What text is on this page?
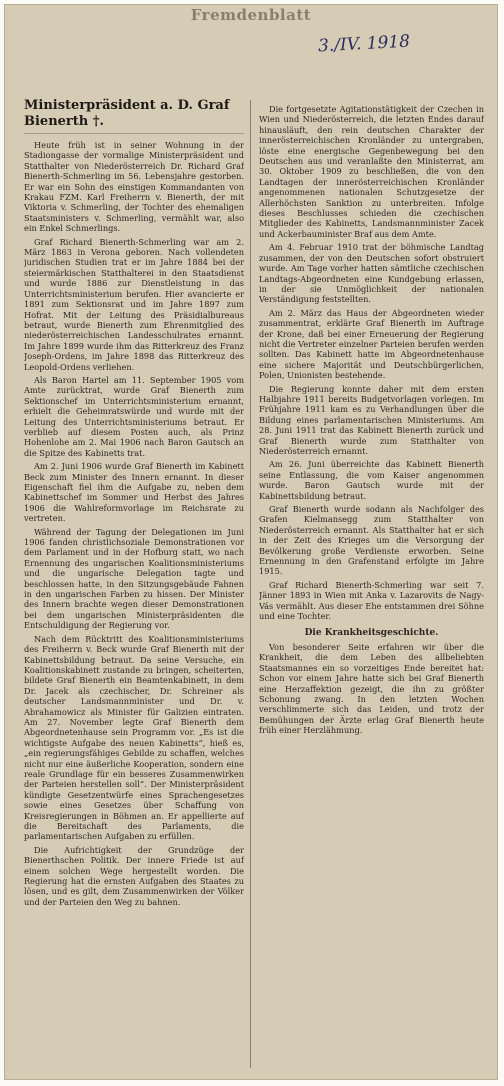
Fremdenblatt
3./IV. 1918
Ministerpräsident a. D. Graf Bienerth †.

Heute früh ist in seiner Wohnung in der Stadiongasse der vormalige Ministerpräsident und Statthalter von Niederösterreich Dr. Richard Graf Bienerth-Schmerling im 56. Lebensjahre gestorben. Er war ein Sohn des einstigen Kommandanten von Krakau FZM. Karl Freiherrn v. Bienerth, der mit Viktoria v. Schmerling, der Tochter des ehemaligen Staatsministers v. Schmerling, vermählt war, also ein Enkel Schmerlings.

Graf Richard Bienerth-Schmerling war am 2. März 1863 in Verona geboren. Nach vollendeten juridischen Studien trat er im Jahre 1884 bei der steiermärkischen Statthalterei in den Staatsdienst und wurde 1886 zur Dienstleistung in das Unterrichtsministerium berufen. Hier avancierte er 1891 zum Sektionsrat und im Jahre 1897 zum Hofrat. Mit der Leitung des Präsidialbureaus betraut, wurde Bienerth zum Ehrenmitglied des niederösterreichischen Landesschulrates ernannt. Im Jahre 1899 wurde ihm das Ritterkreuz des Franz Joseph-Ordens, im Jahre 1898 das Ritterkreuz des Leopold-Ordens verliehen.

Als Baron Hartel am 11. September 1905 vom Amte zurücktrat, wurde Graf Bienerth zum Sektionschef im Unterrichtsministerium ernannt, erhielt die Geheimratswürde und wurde mit der Leitung des Unterrichtsministeriums betraut. Er verblieb auf diesem Posten auch, als Prinz Hohenlohe am 2. Mai 1906 nach Baron Gautsch an die Spitze des Kabinetts trat.

Am 2. Juni 1906 wurde Graf Bienerth im Kabinett Beck zum Minister des Innern ernannt. In dieser Eigenschaft fiel ihm die Aufgabe zu, neben dem Kabinettschef im Sommer und Herbst des Jahres 1906 die Wahlreformvorlage im Reichsrate zu vertreten.

Während der Tagung der Delegationen im Juni 1906 fanden christlichsoziale Demonstrationen vor dem Parlament und in der Hofburg statt, wo nach Ernennung des ungarischen Koalitionsministeriums und die ungarische Delegation tagte und beschlossen hatte, in den Sitzungsgebäude Fahnen in den ungarischen Farben zu hissen. Der Minister des Innern brachte wegen dieser Demonstrationen bei dem ungarischen Ministerpräsidenten die Entschuldigung der Regierung vor.

Nach dem Rücktritt des Koalitionsministeriums des Freiherrn v. Beck wurde Graf Bienerth mit der Kabinettsbildung betraut. Da seine Versuche, ein Koalitionskabinett zustande zu bringen, scheiterten, bildete Graf Bienerth ein Beamtenkabinett, in dem Dr. Jacek als czechischer, Dr. Schreiner als deutscher Landsmannminister und Dr. v. Abrahamowicz als Minister für Galizien eintraten. Am 27. November legte Graf Bienerth dem Abgeordnetenhause sein Programm vor. „Es ist die wichtigste Aufgabe des neuen Kabinetts“, hieß es, „ein regierungsfähiges Gebilde zu schaffen, welches nicht nur eine äußerliche Kooperation, sondern eine reale Grundlage für ein besseres Zusammenwirken der Parteien herstellen soll“. Der Ministerpräsident kündigte Gesetzentwürfe eines Sprachengesetzes sowie eines Gesetzes über Schaffung von Kreisregierungen in Böhmen an. Er appellierte auf die Bereitschaft des Parlaments, die parlamentarischen Aufgaben zu erfüllen.

Die Aufrichtigkeit der Grundzüge der Bienerthschen Politik. Der innere Friede ist auf einem solchen Wege hergestellt worden. Die Regierung hat die ernsten Aufgaben des Staates zu lösen, und es gilt, dem Zusammenwirken der Völker und der Parteien den Weg zu bahnen.

Die fortgesetzte Agitationstätigkeit der Czechen in Wien und Niederösterreich, die letzten Endes darauf hinausläuft, den rein deutschen Charakter der innerösterreichischen Kronländer zu untergraben, löste eine energische Gegenbewegung bei den Deutschen aus und veranlaßte den Ministerrat, am 30. Oktober 1909 zu beschließen, die von den Landtagen der innerösterreichischen Kronländer angenommenen nationalen Schutzgesetze der Allerhöchsten Sanktion zu unterbreiten. Infolge dieses Beschlusses schieden die czechischen Mitglieder des Kabinetts, Landsmannminister Zacek und Ackerbauminister Braf aus dem Amte.

Am 4. Februar 1910 trat der böhmische Landtag zusammen, der von den Deutschen sofort obstruiert wurde. Am Tage vorher hatten sämtliche czechischen Landtags-Abgeordneten eine Kundgebung erlassen, in der sie Unmöglichkeit der nationalen Verständigung feststellten.

Am 2. März das Haus der Abgeordneten wieder zusammentrat, erklärte Graf Bienerth im Auftrage der Krone, daß bei einer Erneuerung der Regierung nicht die Vertreter einzelner Parteien berufen werden sollten. Das Kabinett hatte im Abgeordnetenhause eine sichere Majorität und Deutschbürgerlichen, Polen, Unionisten bestehende.

Die Regierung konnte daher mit dem ersten Halbjahre 1911 bereits Budgetvorlagen vorlegen. Im Frühjahre 1911 kam es zu Verhandlungen über die Bildung eines parlamentarischen Ministeriums. Am 28. Juni 1911 trat das Kabinett Bienerth zurück und Graf Bienerth wurde zum Statthalter von Niederösterreich ernannt.

Am 26. Juni überreichte das Kabinett Bienerth seine Entlassung, die vom Kaiser angenommen wurde. Baron Gautsch wurde mit der Kabinettsbildung betraut.

Graf Bienerth wurde sodann als Nachfolger des Grafen Kielmansegg zum Statthalter von Niederösterreich ernannt. Als Statthalter hat er sich in der Zeit des Krieges um die Versorgung der Bevölkerung große Verdienste erworben. Seine Ernennung in den Grafenstand erfolgte im Jahre 1915.

Graf Richard Bienerth-Schmerling war seit 7. Jänner 1893 in Wien mit Anka v. Lazarovits de Nagy-Vás vermählt. Aus dieser Ehe entstammen drei Söhne und eine Tochter.

Die Krankheitsgeschichte.

Von besonderer Seite erfahren wir über die Krankheit, die dem Leben des allbeliebten Staatsmannes ein so vorzeitiges Ende bereitet hat: Schon vor einem Jahre hatte sich bei Graf Bienerth eine Herzaffektion gezeigt, die ihn zu größter Schonung zwang. In den letzten Wochen verschlimmerte sich das Leiden, und trotz der Bemühungen der Ärzte erlag Graf Bienerth heute früh einer Herzlähmung.
